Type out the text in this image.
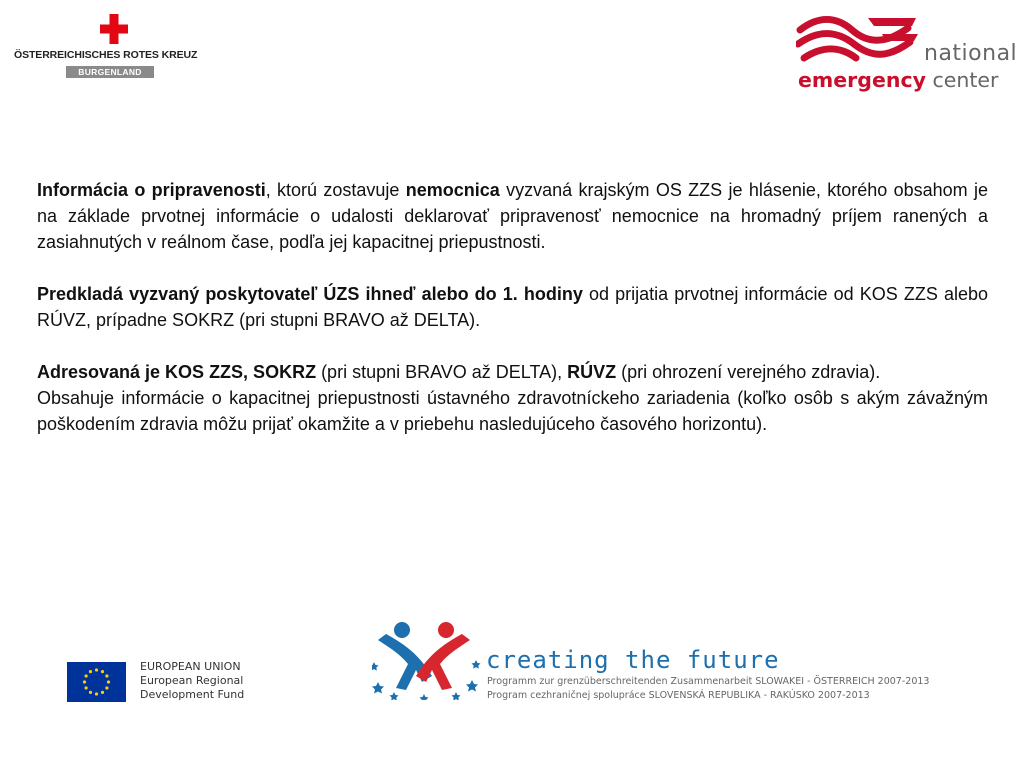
ÖSTERREICHISCHES ROTES KREUZ
BURGENLAND
national
emergency center

Informácia o pripravenosti, ktorú zostavuje nemocnica vyzvaná krajským OS ZZS je hlásenie, ktorého obsahom je na základe prvotnej informácie o udalosti deklarovať pripravenosť nemocnice na hromadný príjem ranených a zasiahnutých v reálnom čase, podľa jej kapacitnej priepustnosti.

Predkladá vyzvaný poskytovateľ ÚZS ihneď alebo do 1. hodiny od prijatia prvotnej informácie od KOS ZZS alebo RÚVZ, prípadne SOKRZ (pri stupni BRAVO až DELTA).

Adresovaná je KOS ZZS, SOKRZ (pri stupni BRAVO až DELTA), RÚVZ (pri ohrození verejného zdravia).

Obsahuje informácie o kapacitnej priepustnosti ústavného zdravotníckeho zariadenia (koľko osôb s akým závažným poškodením zdravia môžu prijať okamžite a v priebehu nasledujúceho časového horizontu).

EUROPEAN UNION
European Regional
Development Fund
creating the future
Programm zur grenzüberschreitenden Zusammenarbeit SLOWAKEI - ÖSTERREICH 2007-2013
Program cezhraničnej spolupráce SLOVENSKÁ REPUBLIKA - RAKÚSKO 2007-2013
